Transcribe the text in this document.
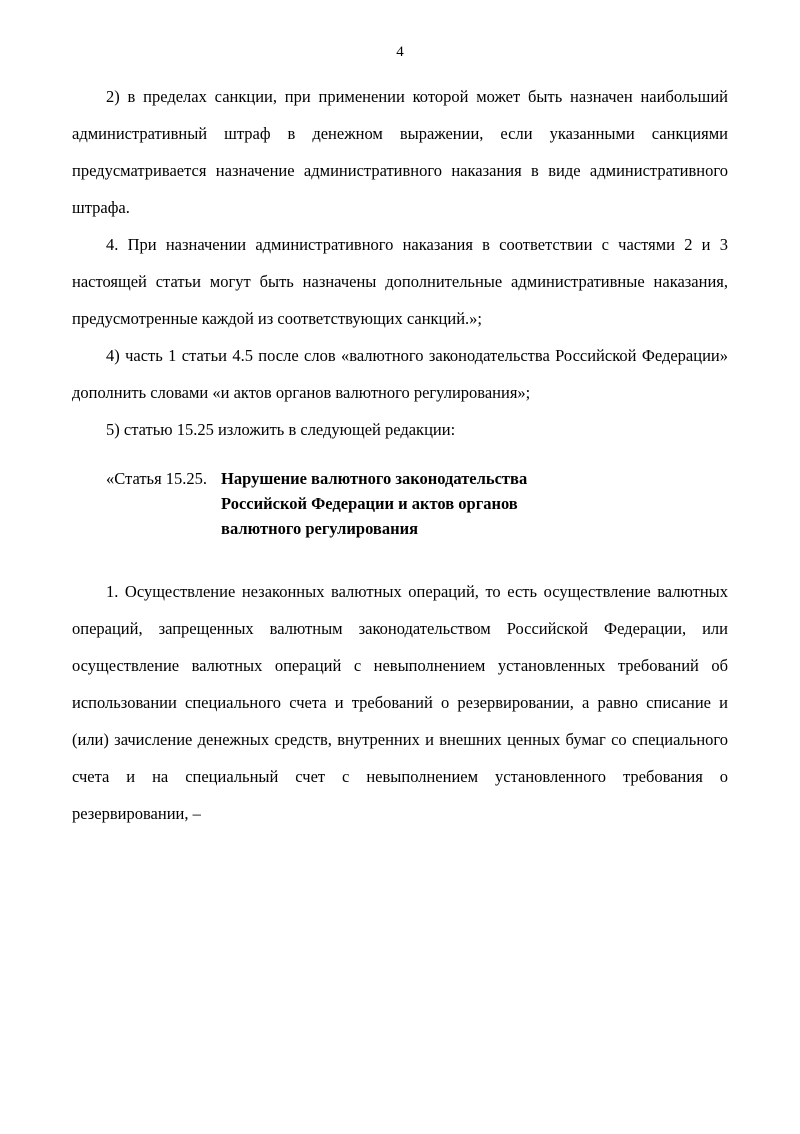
4

2) в пределах санкции, при применении которой может быть назначен наибольший административный штраф в денежном выражении, если указанными санкциями предусматривается назначение административного наказания в виде административного штрафа.

4. При назначении административного наказания в соответствии с частями 2 и 3 настоящей статьи могут быть назначены дополнительные административные наказания, предусмотренные каждой из соответствующих санкций.»;

4) часть 1 статьи 4.5 после слов «валютного законодательства Российской Федерации» дополнить словами «и актов органов валютного регулирования»;

5) статью 15.25 изложить в следующей редакции:

«Статья 15.25. Нарушение валютного законодательства
Российской Федерации и актов органов
валютного регулирования

1. Осуществление незаконных валютных операций, то есть осуществление валютных операций, запрещенных валютным законодательством Российской Федерации, или осуществление валютных операций с невыполнением установленных требований об использовании специального счета и требований о резервировании, а равно списание и (или) зачисление денежных средств, внутренних и внешних ценных бумаг со специального счета и на специальный счет с невыполнением установленного требования о резервировании, –
